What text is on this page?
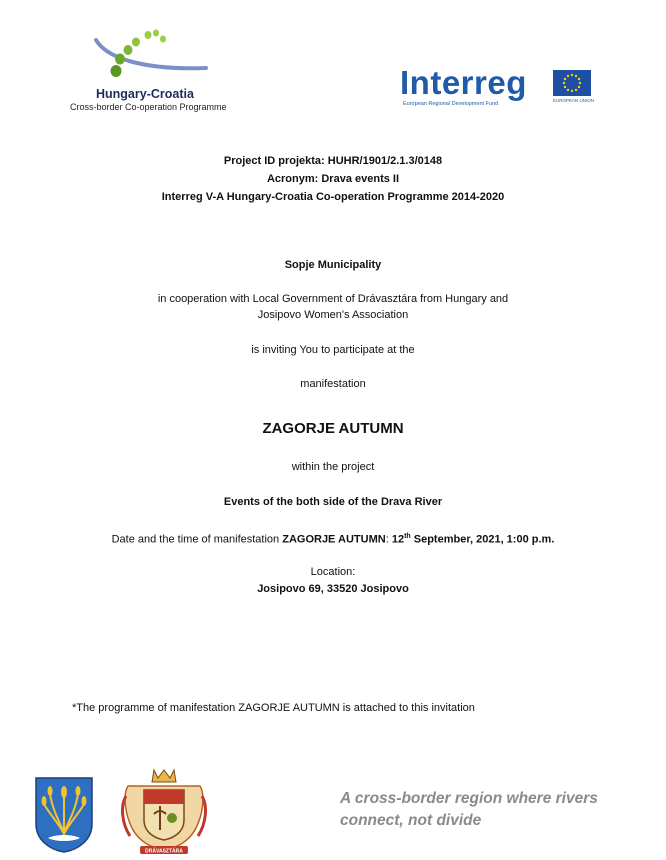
Hungary-Croatia
Cross-border Co-operation Programme
Interreg
European Regional Development Fund
EUROPEAN UNION
Project ID projekta: HUHR/1901/2.1.3/0148
Acronym: Drava events II
Interreg V-A Hungary-Croatia Co-operation Programme 2014-2020
Sopje Municipality
in cooperation with Local Government of Drávasztára from Hungary and
Josipovo Women's Association
is inviting You to participate at the
manifestation
ZAGORJE AUTUMN
within the project
Events of the both side of the Drava River
Date and the time of manifestation ZAGORJE AUTUMN: 12th September, 2021, 1:00 p.m.
Location:
Josipovo 69, 33520 Josipovo
*The programme of manifestation ZAGORJE AUTUMN is attached to this invitation
DRÁVASZTÁRA
A cross-border region where rivers
connect, not divide
